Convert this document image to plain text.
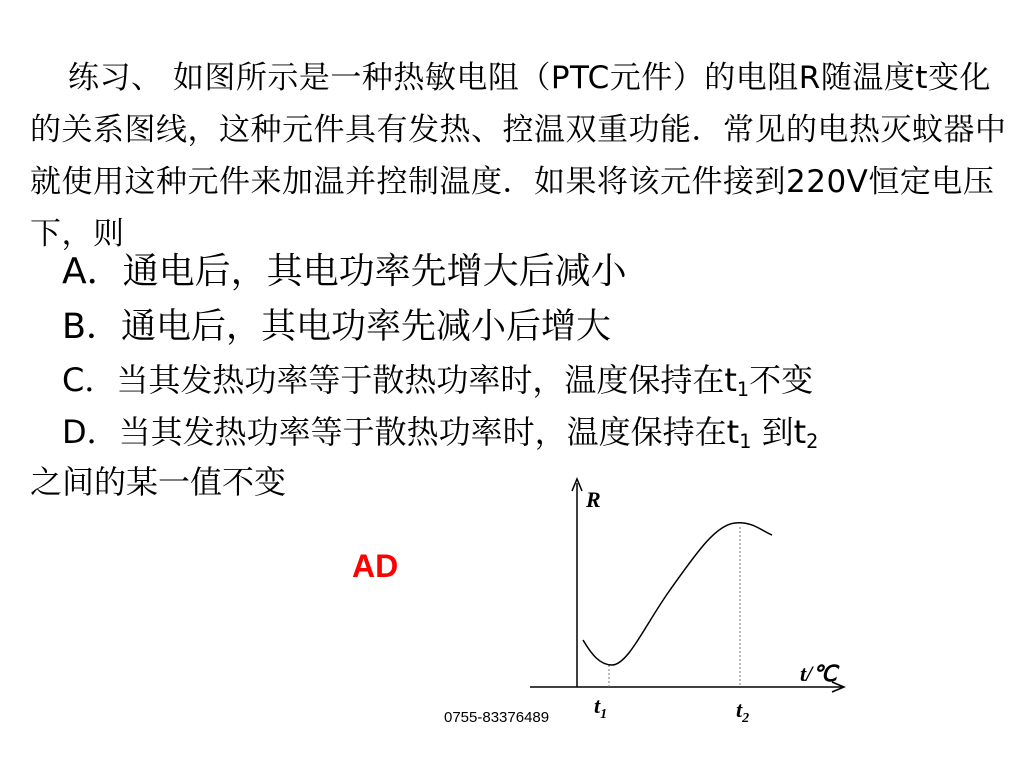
练习、 如图所示是一种热敏电阻（PTC元件）的电阻R随温度t变化的关系图线，这种元件具有发热、控温双重功能．常见的电热灭蚊器中就使用这种元件来加温并控制温度．如果将该元件接到220V恒定电压下，则
A．通电后，其电功率先增大后减小
B．通电后，其电功率先减小后增大
C．当其发热功率等于散热功率时，温度保持在$t_1$不变
D．当其发热功率等于散热功率时，温度保持在$t_1$ 到$t_2$
之间的某一值不变
AD
R
t/℃
$t_1$	$t_2$
0755-83376489
